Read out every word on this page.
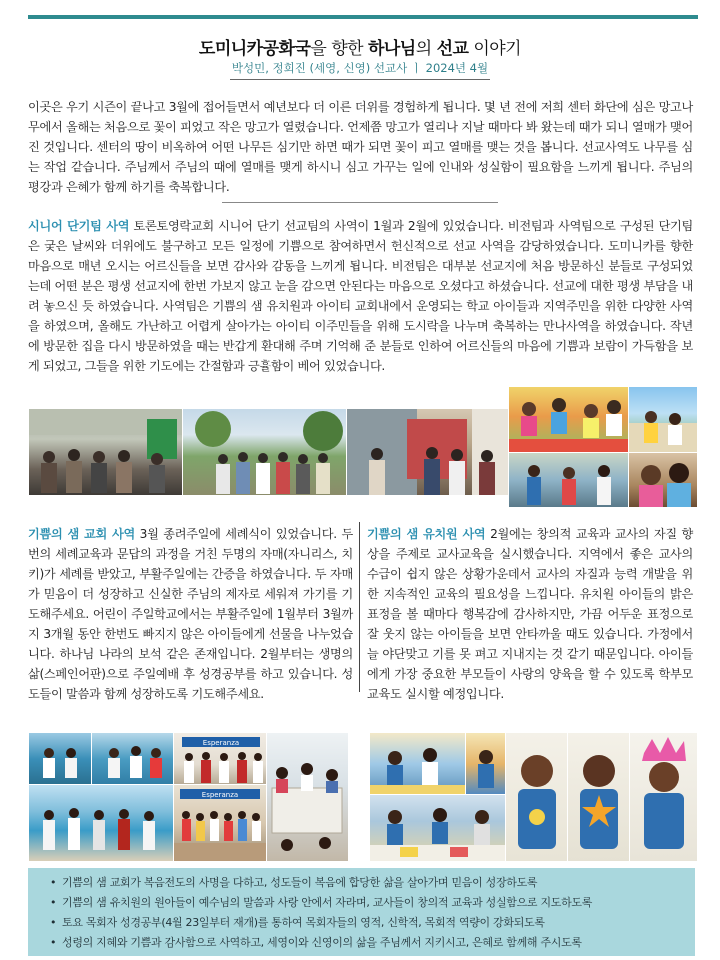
도미니카공화국을 향한 하나님의 선교 이야기
박성민, 정희진 (세영, 신영) 선교사 ㅣ 2024년 4월
이곳은 우기 시즌이 끝나고 3월에 접어들면서 예년보다 더 이른 더위를 경험하게 됩니다. 몇 년 전에 저희 센터 화단에 심은 망고나무에서 올해는 처음으로 꽃이 피었고 작은 망고가 열렸습니다. 언제쯤 망고가 열리나 지날 때마다 봐 왔는데 때가 되니 열매가 맺어진 것입니다. 센터의 땅이 비옥하여 어떤 나무든 심기만 하면 때가 되면 꽃이 피고 열매를 맺는 것을 봅니다. 선교사역도 나무를 심는 작업 같습니다. 주님께서 주님의 때에 열매를 맺게 하시니 심고 가꾸는 일에 인내와 성실함이 필요함을 느끼게 됩니다. 주님의 평강과 은혜가 함께 하기를 축복합니다.
시니어 단기팀 사역 토론토영락교회 시니어 단기 선교팀의 사역이 1월과 2월에 있었습니다. 비전팀과 사역팀으로 구성된 단기팀은 궂은 날씨와 더위에도 불구하고 모든 일정에 기쁨으로 참여하면서 헌신적으로 선교 사역을 감당하였습니다. 도미니카를 향한 마음으로 매년 오시는 어르신들을 보면 감사와 감동을 느끼게 됩니다. 비전팀은 대부분 선교지에 처음 방문하신 분들로 구성되었는데 어떤 분은 평생 선교지에 한번 가보지 않고 눈을 감으면 안된다는 마음으로 오셨다고 하셨습니다. 선교에 대한 평생 부담을 내려 놓으신 듯 하였습니다. 사역팀은 기쁨의 샘 유치원과 아이티 교회내에서 운영되는 학교 아이들과 지역주민을 위한 다양한 사역을 하였으며, 올해도 가난하고 어렵게 살아가는 아이티 이주민들을 위해 도시락을 나누며 축복하는 만나사역을 하였습니다. 작년에 방문한 집을 다시 방문하였을 때는 반갑게 환대해 주며 기억해 준 분들로 인하여 어르신들의 마음에 기쁨과 보람이 가득함을 보게 되었고, 그들을 위한 기도에는 간절함과 긍휼함이 베어 있었습니다.
기쁨의 샘 교회 사역 3월 종려주일에 세례식이 있었습니다. 두번의 세례교육과 문답의 과정을 거친 두명의 자매(자니리스, 치키)가 세례를 받았고, 부활주일에는 간증을 하였습니다. 두 자매가 믿음이 더 성장하고 신실한 주님의 제자로 세워져 가기를 기도해주세요. 어린이 주일학교에서는 부활주일에 1월부터 3월까지 3개월 동안 한번도 빠지지 않은 아이들에게 선물을 나누었습니다. 하나님 나라의 보석 같은 존재입니다. 2월부터는 생명의 삶(스페인어판)으로 주일예배 후 성경공부를 하고 있습니다. 성도들이 말씀과 함께 성장하도록 기도해주세요.
기쁨의 샘 유치원 사역 2월에는 창의적 교육과 교사의 자질 향상을 주제로 교사교육을 실시했습니다. 지역에서 좋은 교사의 수급이 쉽지 않은 상황가운데서 교사의 자질과 능력 개발을 위한 지속적인 교육의 필요성을 느낍니다. 유치원 아이들의 밝은 표정을 볼 때마다 행복감에 감사하지만, 가끔 어두운 표정으로 잘 웃지 않는 아이들을 보면 안타까울 때도 있습니다. 가정에서 늘 야단맞고 기를 못 펴고 지내지는 것 같기 때문입니다. 아이들에게 가장 중요한 부모들이 사랑의 양육을 할 수 있도록 학부모 교육도 실시할 예정입니다.
Esperanza
Esperanza
• 기쁨의 샘 교회가 복음전도의 사명을 다하고, 성도들이 복음에 합당한 삶을 살아가며 믿음이 성장하도록
• 기쁨의 샘 유치원의 원아들이 예수님의 말씀과 사랑 안에서 자라며, 교사들이 창의적 교육과 성실함으로 지도하도록
• 토요 목회자 성경공부(4월 23일부터 재개)를 통하여 목회자들의 영적, 신학적, 목회적 역량이 강화되도록
• 성령의 지혜와 기쁨과 감사함으로 사역하고, 세영이와 신영이의 삶을 주님께서 지키시고, 은혜로 함께해 주시도록
